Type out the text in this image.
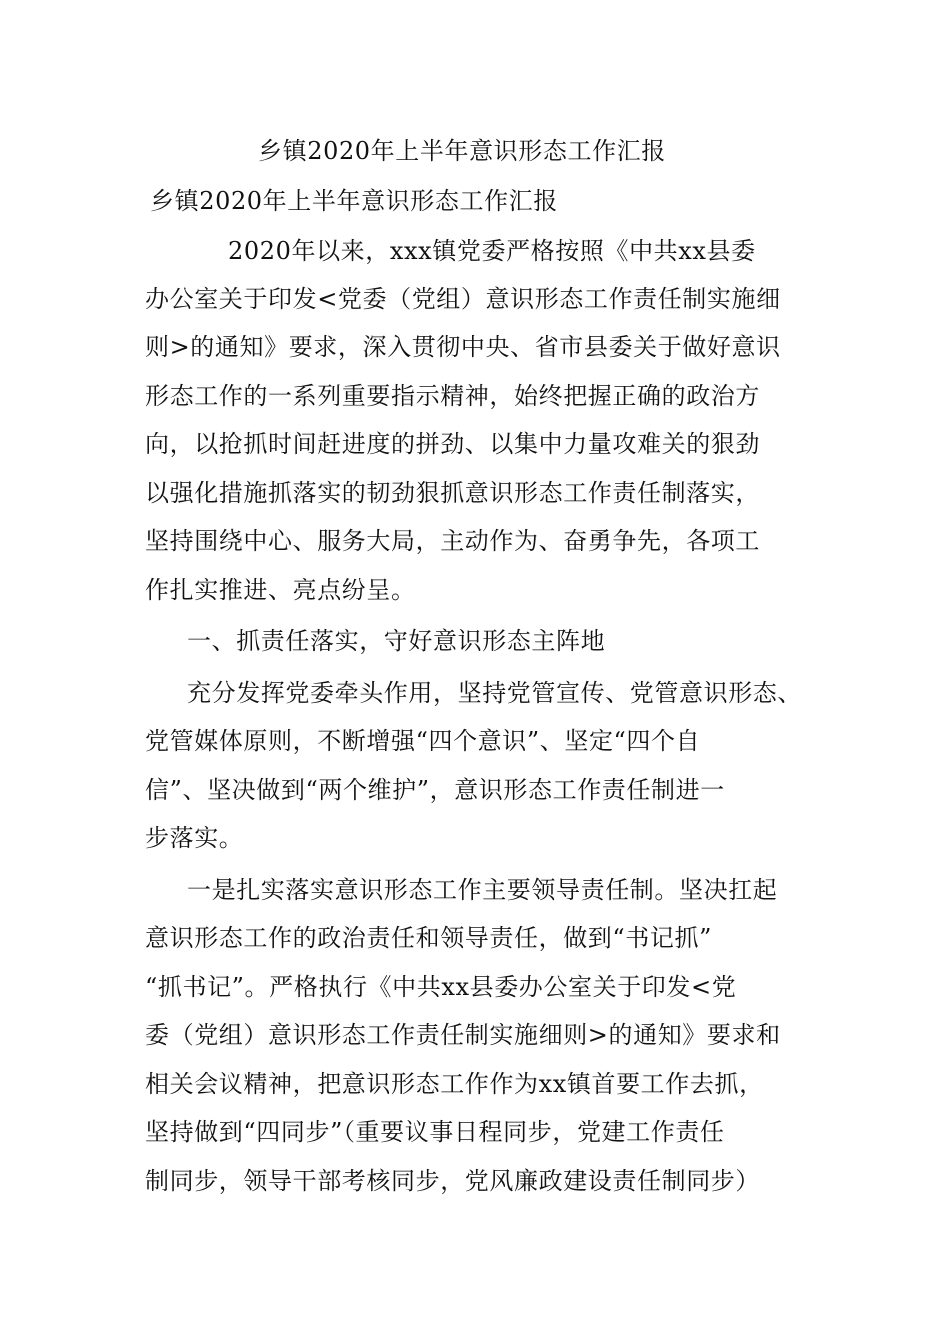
乡镇2020年上半年意识形态工作汇报
乡镇2020年上半年意识形态工作汇报
2020年以来，xxx镇党委严格按照《中共xx县委
办公室关于印发<党委（党组）意识形态工作责任制实施细
则>的通知》要求，深入贯彻中央、省市县委关于做好意识
形态工作的一系列重要指示精神，始终把握正确的政治方
向，以抢抓时间赶进度的拼劲、以集中力量攻难关的狠劲
以强化措施抓落实的韧劲狠抓意识形态工作责任制落实，
坚持围绕中心、服务大局，主动作为、奋勇争先，各项工
作扎实推进、亮点纷呈。
一、抓责任落实，守好意识形态主阵地
充分发挥党委牵头作用，坚持党管宣传、党管意识形态、
党管媒体原则，不断增强“四个意识”、坚定“四个自
信”、坚决做到“两个维护”，意识形态工作责任制进一
步落实。
一是扎实落实意识形态工作主要领导责任制。坚决扛起
意识形态工作的政治责任和领导责任，做到“书记抓”
“抓书记”。严格执行《中共xx县委办公室关于印发<党
委（党组）意识形态工作责任制实施细则>的通知》要求和
相关会议精神，把意识形态工作作为xx镇首要工作去抓，
坚持做到“四同步”（重要议事日程同步，党建工作责任
制同步，领导干部考核同步，党风廉政建设责任制同步）
